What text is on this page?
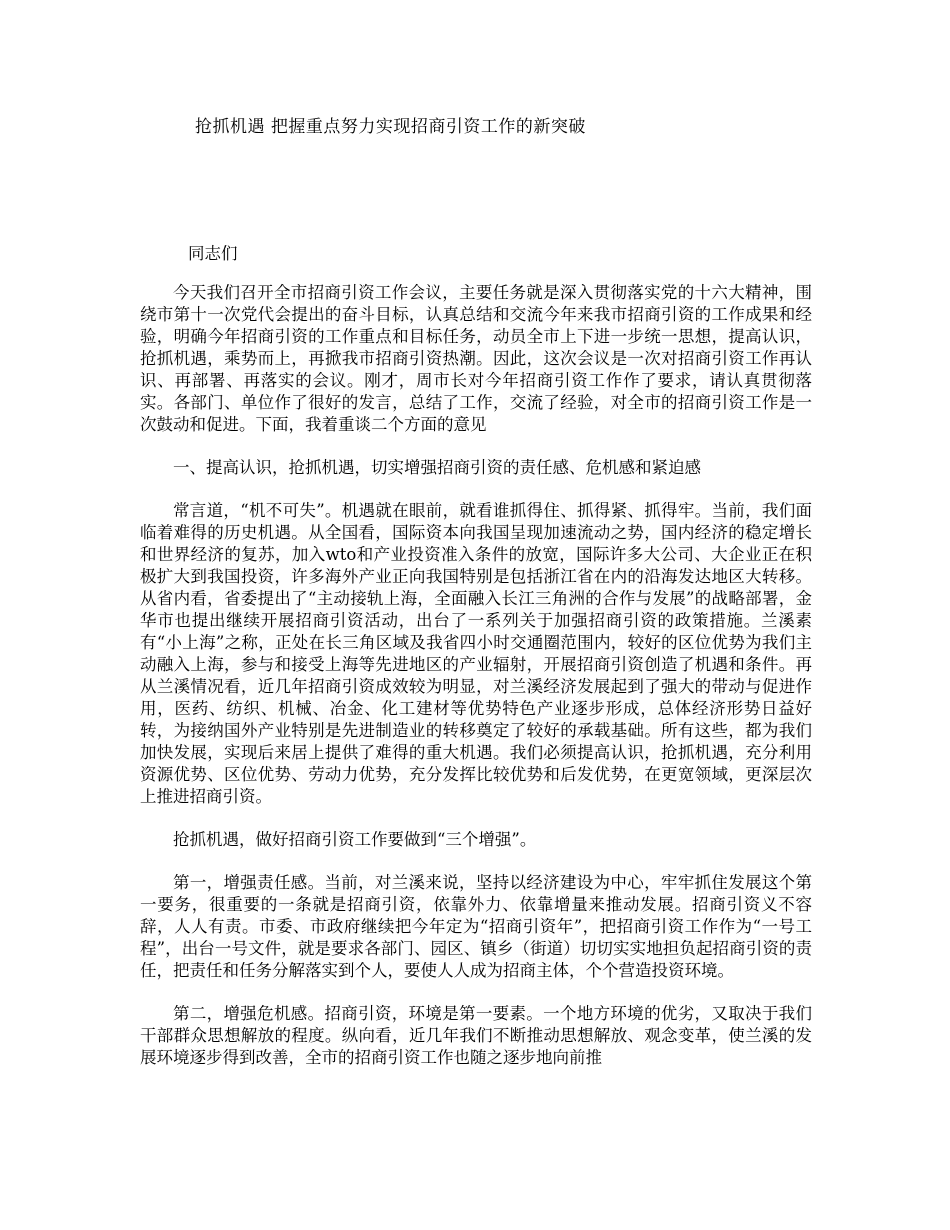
抢抓机遇 把握重点努力实现招商引资工作的新突破

同志们

今天我们召开全市招商引资工作会议，主要任务就是深入贯彻落实党的十六大精神，围绕市第十一次党代会提出的奋斗目标，认真总结和交流今年来我市招商引资的工作成果和经验，明确今年招商引资的工作重点和目标任务，动员全市上下进一步统一思想，提高认识，抢抓机遇，乘势而上，再掀我市招商引资热潮。因此，这次会议是一次对招商引资工作再认识、再部署、再落实的会议。刚才，周市长对今年招商引资工作作了要求，请认真贯彻落实。各部门、单位作了很好的发言，总结了工作，交流了经验，对全市的招商引资工作是一次鼓动和促进。下面，我着重谈二个方面的意见

一、提高认识，抢抓机遇，切实增强招商引资的责任感、危机感和紧迫感

常言道，“机不可失”。机遇就在眼前，就看谁抓得住、抓得紧、抓得牢。当前，我们面临着难得的历史机遇。从全国看，国际资本向我国呈现加速流动之势，国内经济的稳定增长和世界经济的复苏，加入wto和产业投资准入条件的放宽，国际许多大公司、大企业正在积极扩大到我国投资，许多海外产业正向我国特别是包括浙江省在内的沿海发达地区大转移。从省内看，省委提出了“主动接轨上海，全面融入长江三角洲的合作与发展”的战略部署，金华市也提出继续开展招商引资活动，出台了一系列关于加强招商引资的政策措施。兰溪素有“小上海”之称，正处在长三角区域及我省四小时交通圈范围内，较好的区位优势为我们主动融入上海，参与和接受上海等先进地区的产业辐射，开展招商引资创造了机遇和条件。再从兰溪情况看，近几年招商引资成效较为明显，对兰溪经济发展起到了强大的带动与促进作用，医药、纺织、机械、冶金、化工建材等优势特色产业逐步形成，总体经济形势日益好转，为接纳国外产业特别是先进制造业的转移奠定了较好的承载基础。所有这些，都为我们加快发展，实现后来居上提供了难得的重大机遇。我们必须提高认识，抢抓机遇，充分利用资源优势、区位优势、劳动力优势，充分发挥比较优势和后发优势，在更宽领域，更深层次上推进招商引资。

抢抓机遇，做好招商引资工作要做到“三个增强”。

第一，增强责任感。当前，对兰溪来说，坚持以经济建设为中心，牢牢抓住发展这个第一要务，很重要的一条就是招商引资，依靠外力、依靠增量来推动发展。招商引资义不容辞，人人有责。市委、市政府继续把今年定为“招商引资年”，把招商引资工作作为“一号工程”，出台一号文件，就是要求各部门、园区、镇乡（街道）切切实实地担负起招商引资的责任，把责任和任务分解落实到个人，要使人人成为招商主体，个个营造投资环境。

第二，增强危机感。招商引资，环境是第一要素。一个地方环境的优劣，又取决于我们干部群众思想解放的程度。纵向看，近几年我们不断推动思想解放、观念变革，使兰溪的发展环境逐步得到改善，全市的招商引资工作也随之逐步地向前推
